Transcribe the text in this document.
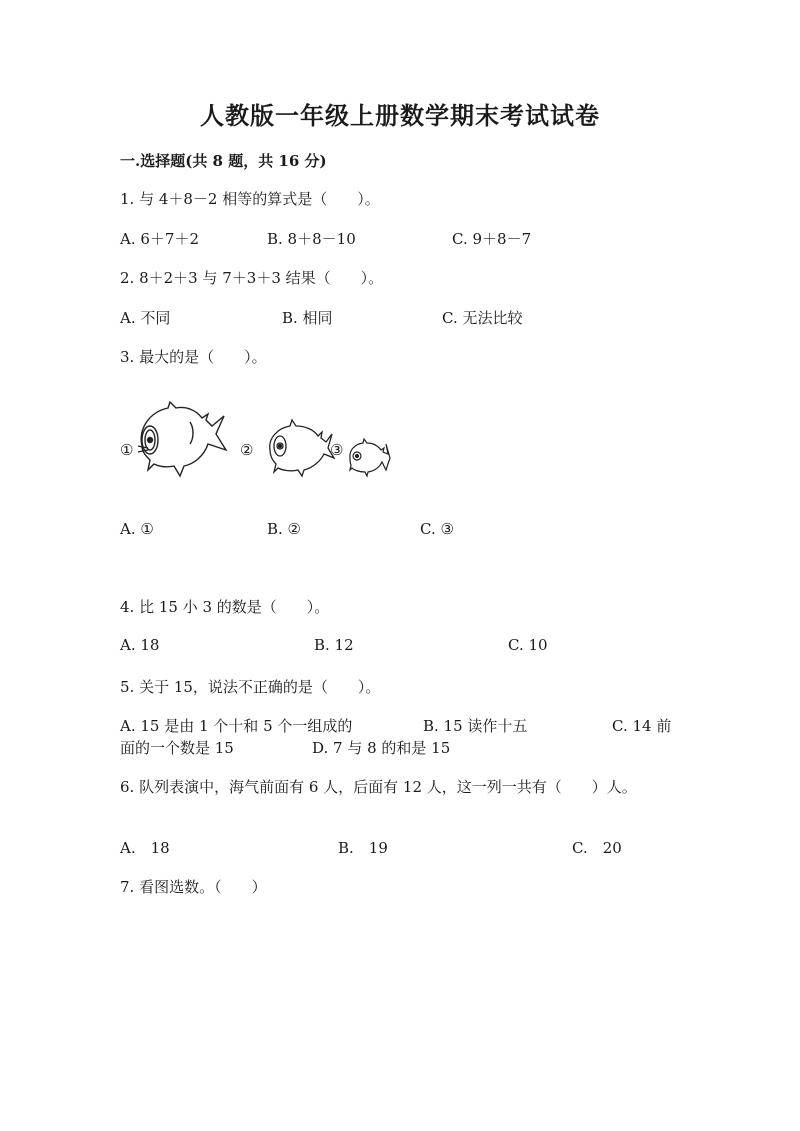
人教版一年级上册数学期末考试试卷
一.选择题(共 8 题，共 16 分)
1. 与 4＋8－2 相等的算式是（　　）。
A. 6＋7＋2	B. 8＋8－10	C. 9＋8－7
2. 8＋2＋3 与 7＋3＋3 结果（　　）。
A. 不同	B. 相同	C. 无法比较
3. 最大的是（　　）。
①	②	③
A. ①	B. ②	C. ③
4. 比 15 小 3 的数是（　　）。
A. 18	B. 12	C. 10
5. 关于 15，说法不正确的是（　　）。
A. 15 是由 1 个十和 5 个一组成的	B. 15 读作十五	C. 14 前
面的一个数是 15	D. 7 与 8 的和是 15
6. 队列表演中，海气前面有 6 人，后面有 12 人，这一列一共有（　　）人。
A.　18	B.　19	C.　20
7. 看图选数。（　　）
